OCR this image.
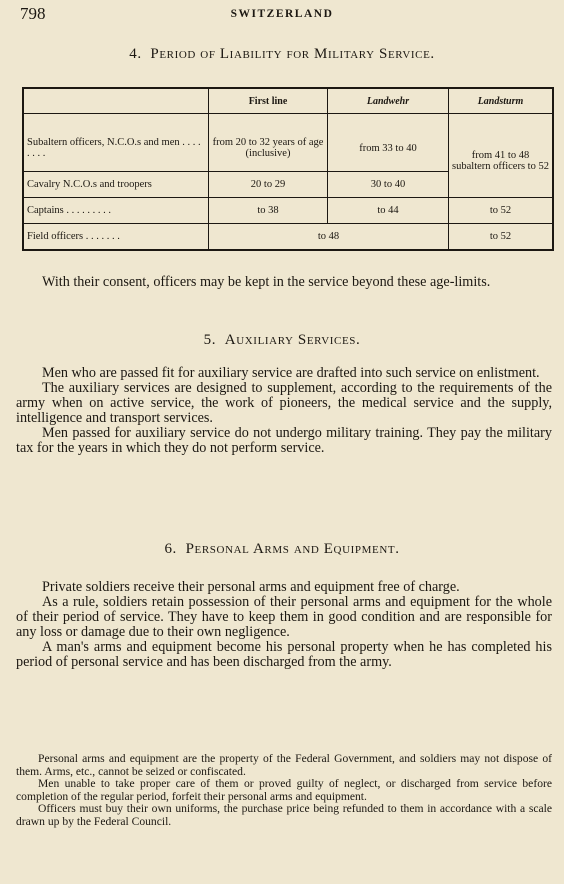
798	SWITZERLAND
4. Period of Liability for Military Service.
	First line	Landwehr	Landsturm

Subaltern officers, N.C.O.s and men . . . . . . . .	from 20 to 32 years of age (inclusive)	from 33 to 40	from 41 to 48 subaltern officers to 52
Cavalry N.C.O.s and troopers	20 to 29	30 to 40	
Captains . . . . . . . . .	to 38	to 44	to 52
Field officers . . . . . . .	to 48		to 52

With their consent, officers may be kept in the service beyond these age-limits.

5. Auxiliary Services.

Men who are passed fit for auxiliary service are drafted into such service on enlistment.

The auxiliary services are designed to supplement, according to the requirements of the army when on active service, the work of pioneers, the medical service and the supply, intelligence and transport services.

Men passed for auxiliary service do not undergo military training. They pay the military tax for the years in which they do not perform service.

6. Personal Arms and Equipment.

Private soldiers receive their personal arms and equipment free of charge.

As a rule, soldiers retain possession of their personal arms and equipment for the whole of their period of service. They have to keep them in good condition and are responsible for any loss or damage due to their own negligence.

A man's arms and equipment become his personal property when he has completed his period of personal service and has been discharged from the army.

Personal arms and equipment are the property of the Federal Government, and soldiers may not dispose of them. Arms, etc., cannot be seized or confiscated.

Men unable to take proper care of them or proved guilty of neglect, or discharged from service before completion of the regular period, forfeit their personal arms and equipment.

Officers must buy their own uniforms, the purchase price being refunded to them in accordance with a scale drawn up by the Federal Council.
